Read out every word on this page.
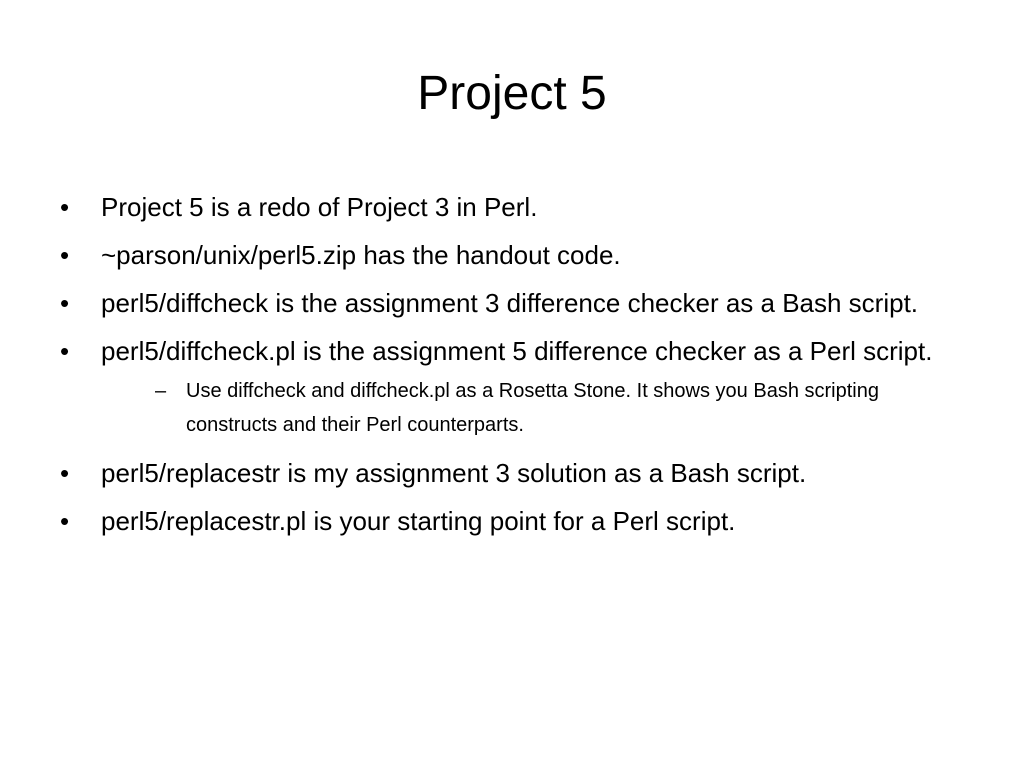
Project 5
•	Project 5 is a redo of Project 3 in Perl.
•	~parson/unix/perl5.zip has the handout code.
•	perl5/diffcheck is the assignment 3 difference checker as a Bash script.
•	perl5/diffcheck.pl is the assignment 5 difference checker as a Perl script.
– Use diffcheck and diffcheck.pl as a Rosetta Stone. It shows you Bash scripting constructs and their Perl counterparts.
•	perl5/replacestr is my assignment 3 solution as a Bash script.
•	perl5/replacestr.pl is your starting point for a Perl script.
